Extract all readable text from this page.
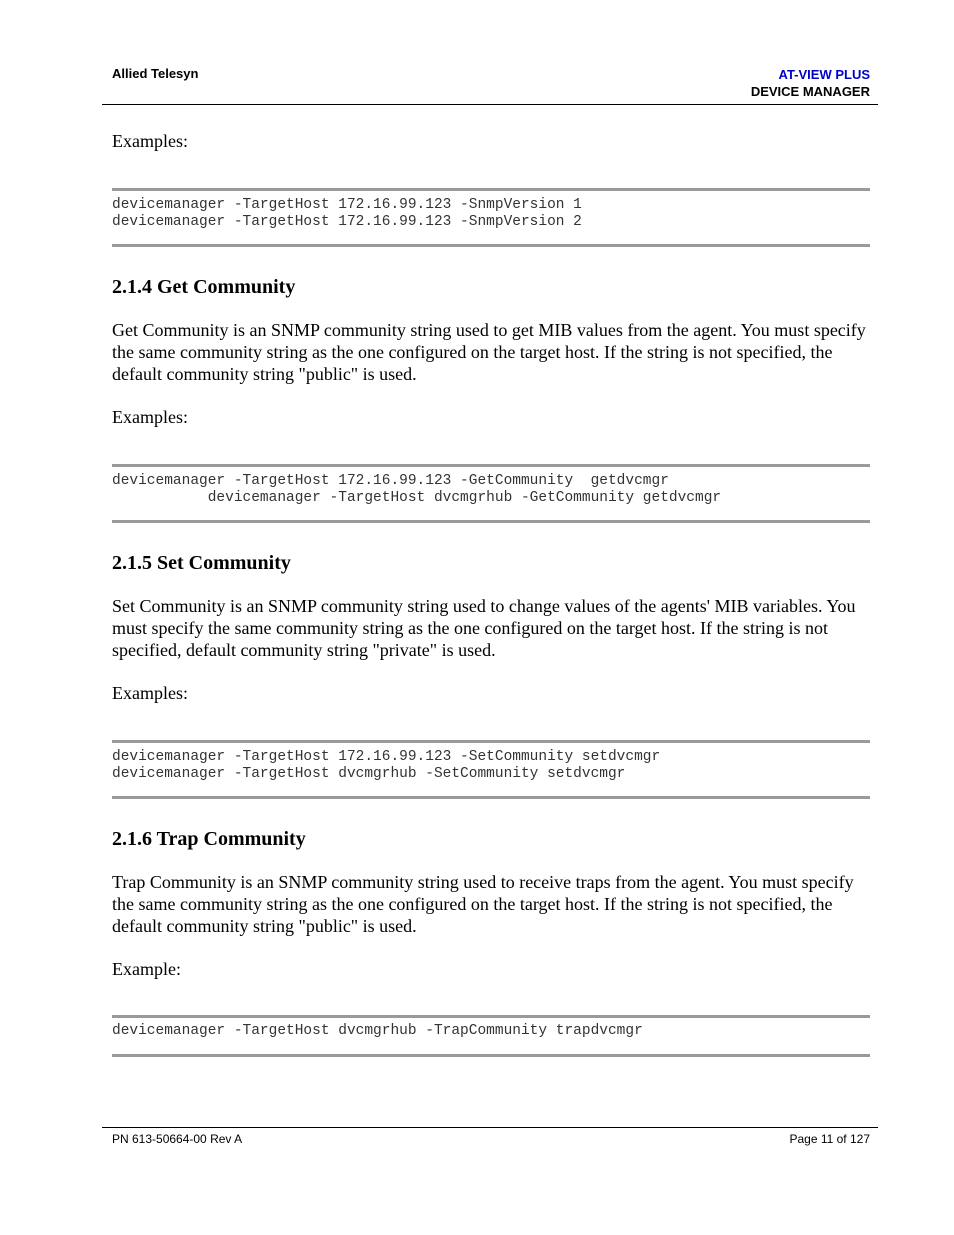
Allied Telesyn	AT-VIEW PLUS
DEVICE MANAGER

Examples:

devicemanager -TargetHost 172.16.99.123 -SnmpVersion 1
devicemanager -TargetHost 172.16.99.123 -SnmpVersion 2
2.1.4 Get Community

Get Community is an SNMP community string used to get MIB values from the agent. You must specify the same community string as the one configured on the target host. If the string is not specified, the default community string "public" is used.

Examples:

devicemanager -TargetHost 172.16.99.123 -GetCommunity  getdvcmgr
devicemanager -TargetHost dvcmgrhub -GetCommunity getdvcmgr
2.1.5 Set Community

Set Community is an SNMP community string used to change values of the agents' MIB variables. You must specify the same community string as the one configured on the target host. If the string is not specified, default community string "private" is used.

Examples:

devicemanager -TargetHost 172.16.99.123 -SetCommunity setdvcmgr
devicemanager -TargetHost dvcmgrhub -SetCommunity setdvcmgr
2.1.6 Trap Community

Trap Community is an SNMP community string used to receive traps from the agent. You must specify the same community string as the one configured on the target host. If the string is not specified, the default community string "public" is used.

Example:

devicemanager -TargetHost dvcmgrhub -TrapCommunity trapdvcmgr
PN 613-50664-00 Rev A	Page 11 of 127
